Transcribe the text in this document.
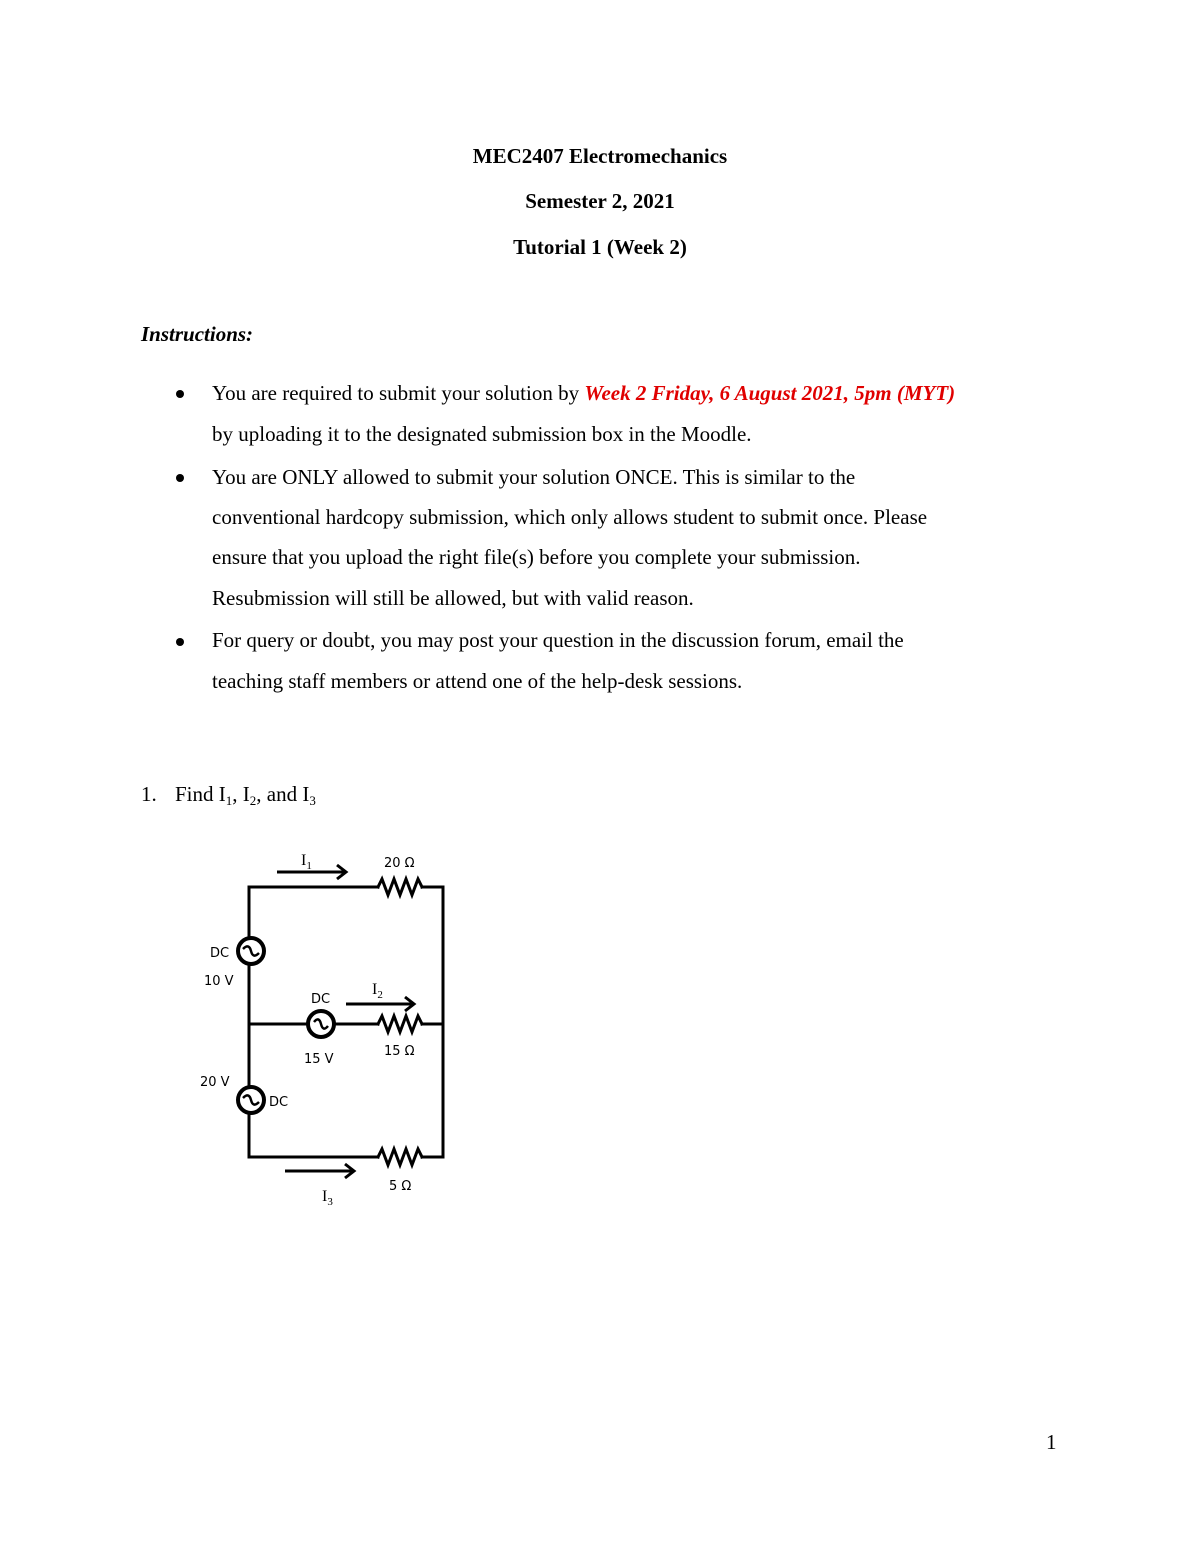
MEC2407 Electromechanics
Semester 2, 2021
Tutorial 1 (Week 2)
Instructions:
You are required to submit your solution by Week 2 Friday, 6 August 2021, 5pm (MYT)
by uploading it to the designated submission box in the Moodle.
You are ONLY allowed to submit your solution ONCE. This is similar to the
conventional hardcopy submission, which only allows student to submit once. Please
ensure that you upload the right file(s) before you complete your submission.
Resubmission will still be allowed, but with valid reason.
For query or doubt, you may post your question in the discussion forum, email the
teaching staff members or attend one of the help-desk sessions.
1. Find $I_1$, $I_2$, and $I_3$
$I_1$	20 Ω
DC
10 V
DC
$I_2$
15 V
15 Ω
20 V
DC
5 Ω
$I_3$
1
